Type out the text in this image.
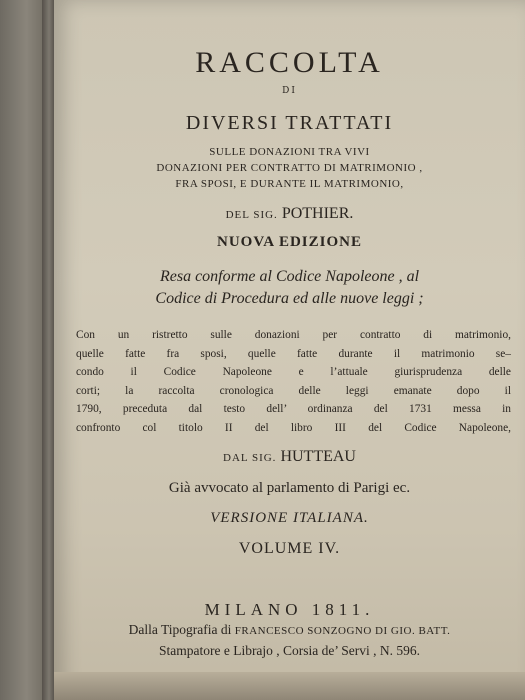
RACCOLTA
DI
DIVERSI TRATTATI
SULLE DONAZIONI TRA VIVI
DONAZIONI PER CONTRATTO DI MATRIMONIO ,
FRA SPOSI, E DURANTE IL MATRIMONIO,
DEL SIG. POTHIER.
NUOVA EDIZIONE
Resa conforme al Codice Napoleone , al
Codice di Procedura ed alle nuove leggi ;
Con un ristretto sulle donazioni per contratto di matrimonio,
quelle fatte fra sposi, quelle fatte durante il matrimonio se–
condo il Codice Napoleone e l’attuale giurisprudenza delle
corti; la raccolta cronologica delle leggi emanate dopo il
1790, preceduta dal testo dell’ ordinanza del 1731 messa in
confronto col titolo II del libro III del Codice Napoleone,
DAL SIG. HUTTEAU
Già avvocato al parlamento di Parigi ec.
VERSIONE ITALIANA.
VOLUME IV.
MILANO 1811.
Dalla Tipografia di FRANCESCO SONZOGNO DI GIO. BATT.
Stampatore e Librajo , Corsia de’ Servi , N. 596.
